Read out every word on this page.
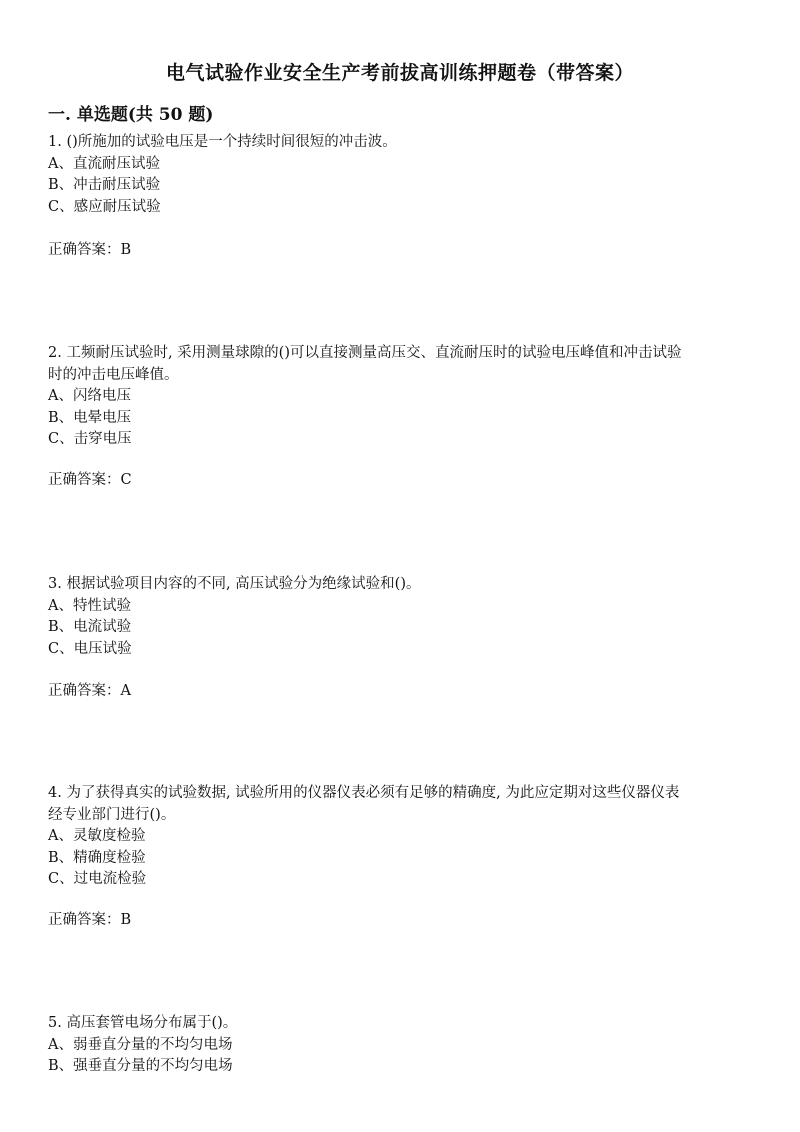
电气试验作业安全生产考前拔高训练押题卷（带答案）
一. 单选题(共 50 题)
1. ()所施加的试验电压是一个持续时间很短的冲击波。
A、直流耐压试验
B、冲击耐压试验
C、感应耐压试验
正确答案：B
2. 工频耐压试验时, 采用测量球隙的()可以直接测量高压交、直流耐压时的试验电压峰值和冲击试验
时的冲击电压峰值。
A、闪络电压
B、电晕电压
C、击穿电压
正确答案：C
3. 根据试验项目内容的不同, 高压试验分为绝缘试验和()。
A、特性试验
B、电流试验
C、电压试验
正确答案：A
4. 为了获得真实的试验数据, 试验所用的仪器仪表必须有足够的精确度, 为此应定期对这些仪器仪表
经专业部门进行()。
A、灵敏度检验
B、精确度检验
C、过电流检验
正确答案：B
5. 高压套管电场分布属于()。
A、弱垂直分量的不均匀电场
B、强垂直分量的不均匀电场
